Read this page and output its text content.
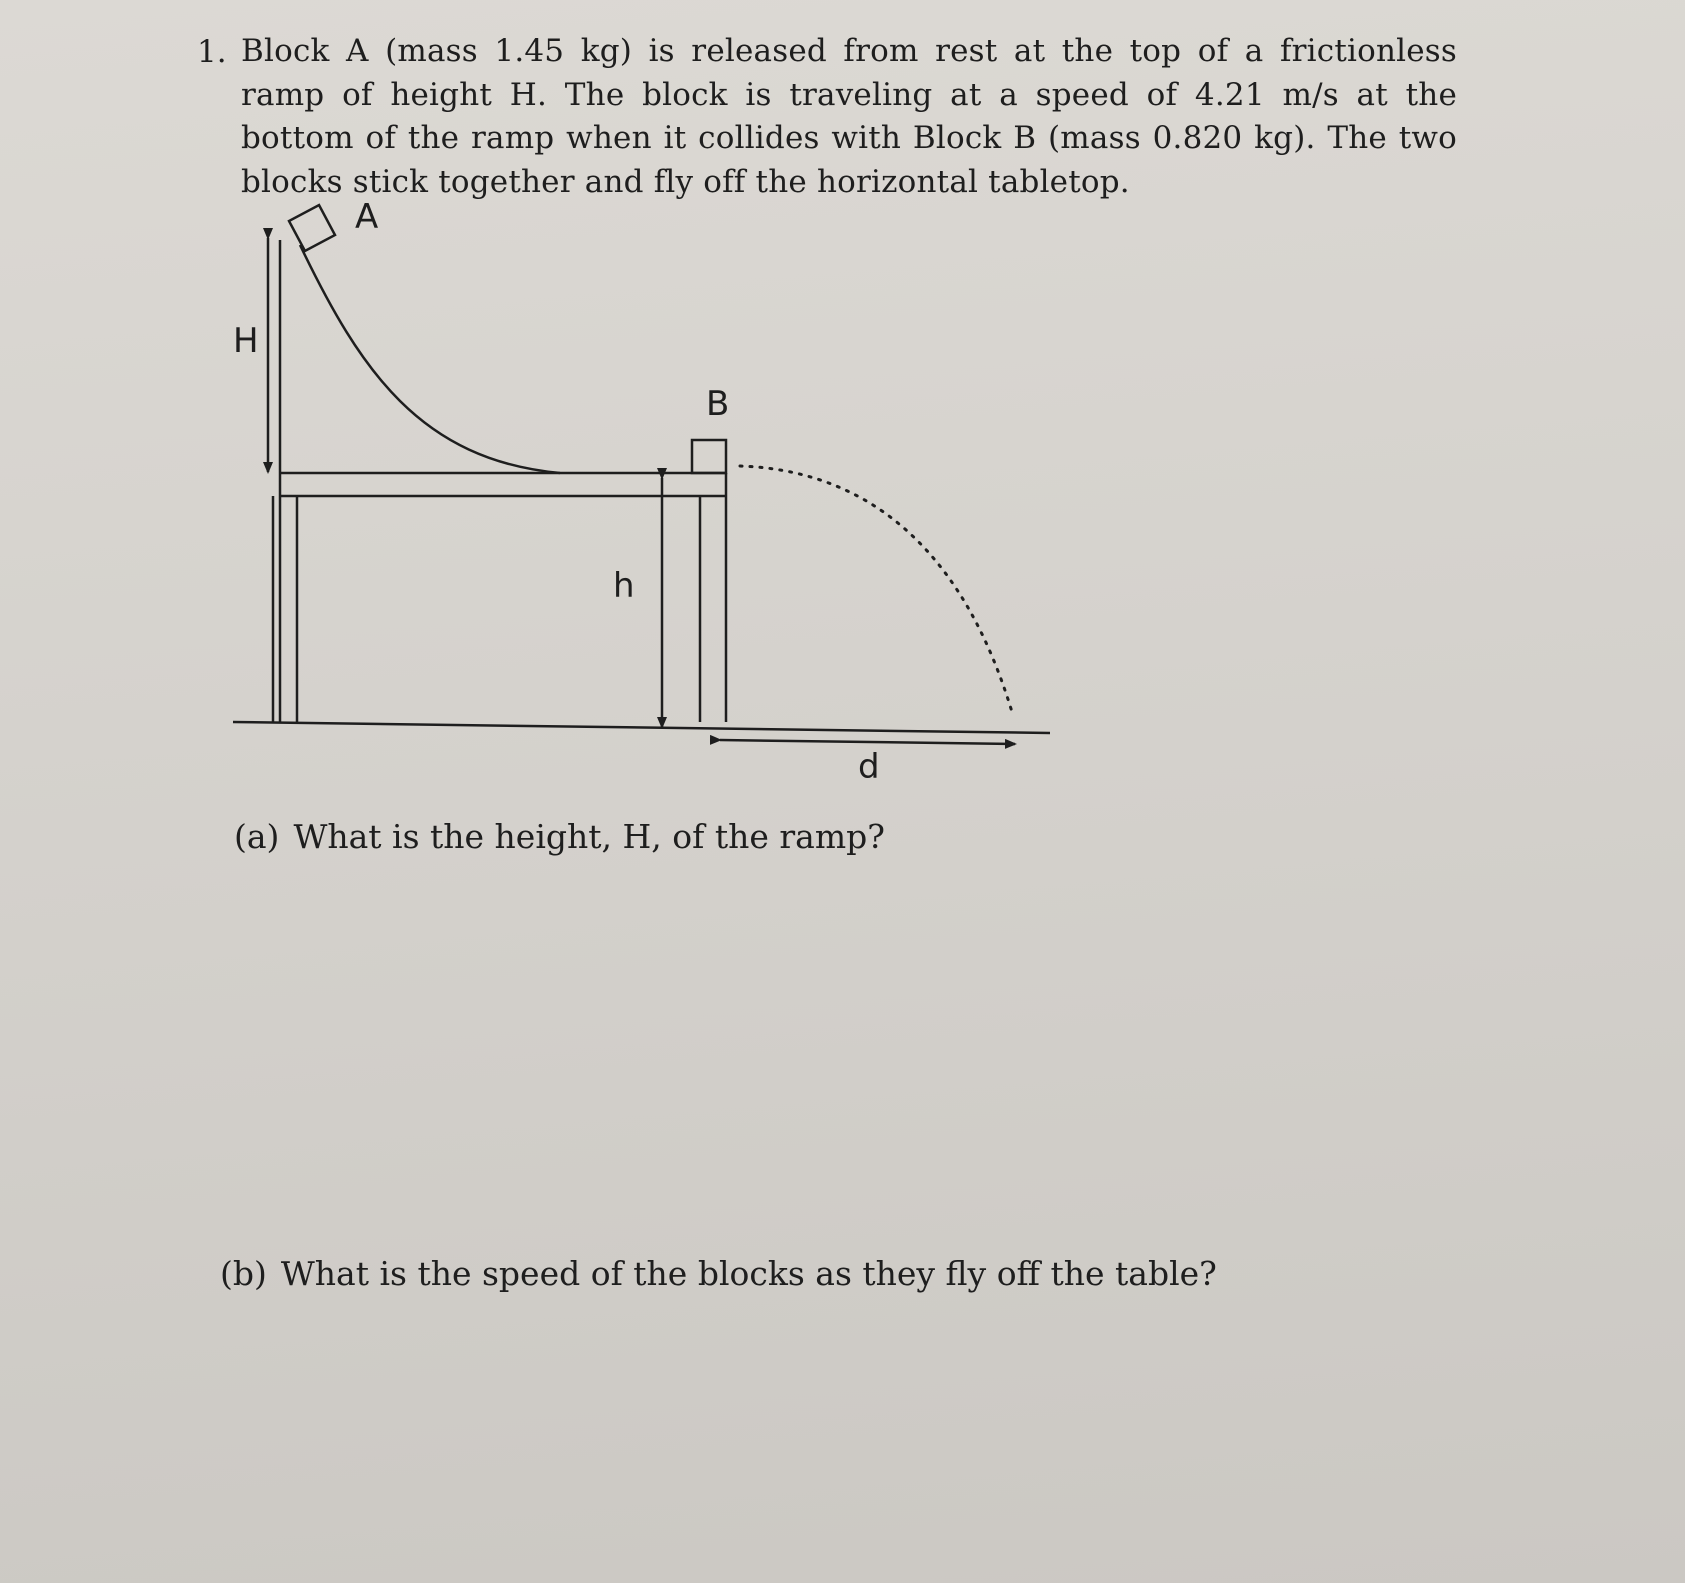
1. Block A (mass 1.45 kg) is released from rest at the top of a frictionless ramp of height H. The block is traveling at a speed of 4.21 m/s at the bottom of the ramp when it collides with Block B (mass 0.820 kg). The two blocks stick together and fly off the horizontal tabletop.
A
B
H
h
d
(a) What is the height, H, of the ramp?
(b) What is the speed of the blocks as they fly off the table?
